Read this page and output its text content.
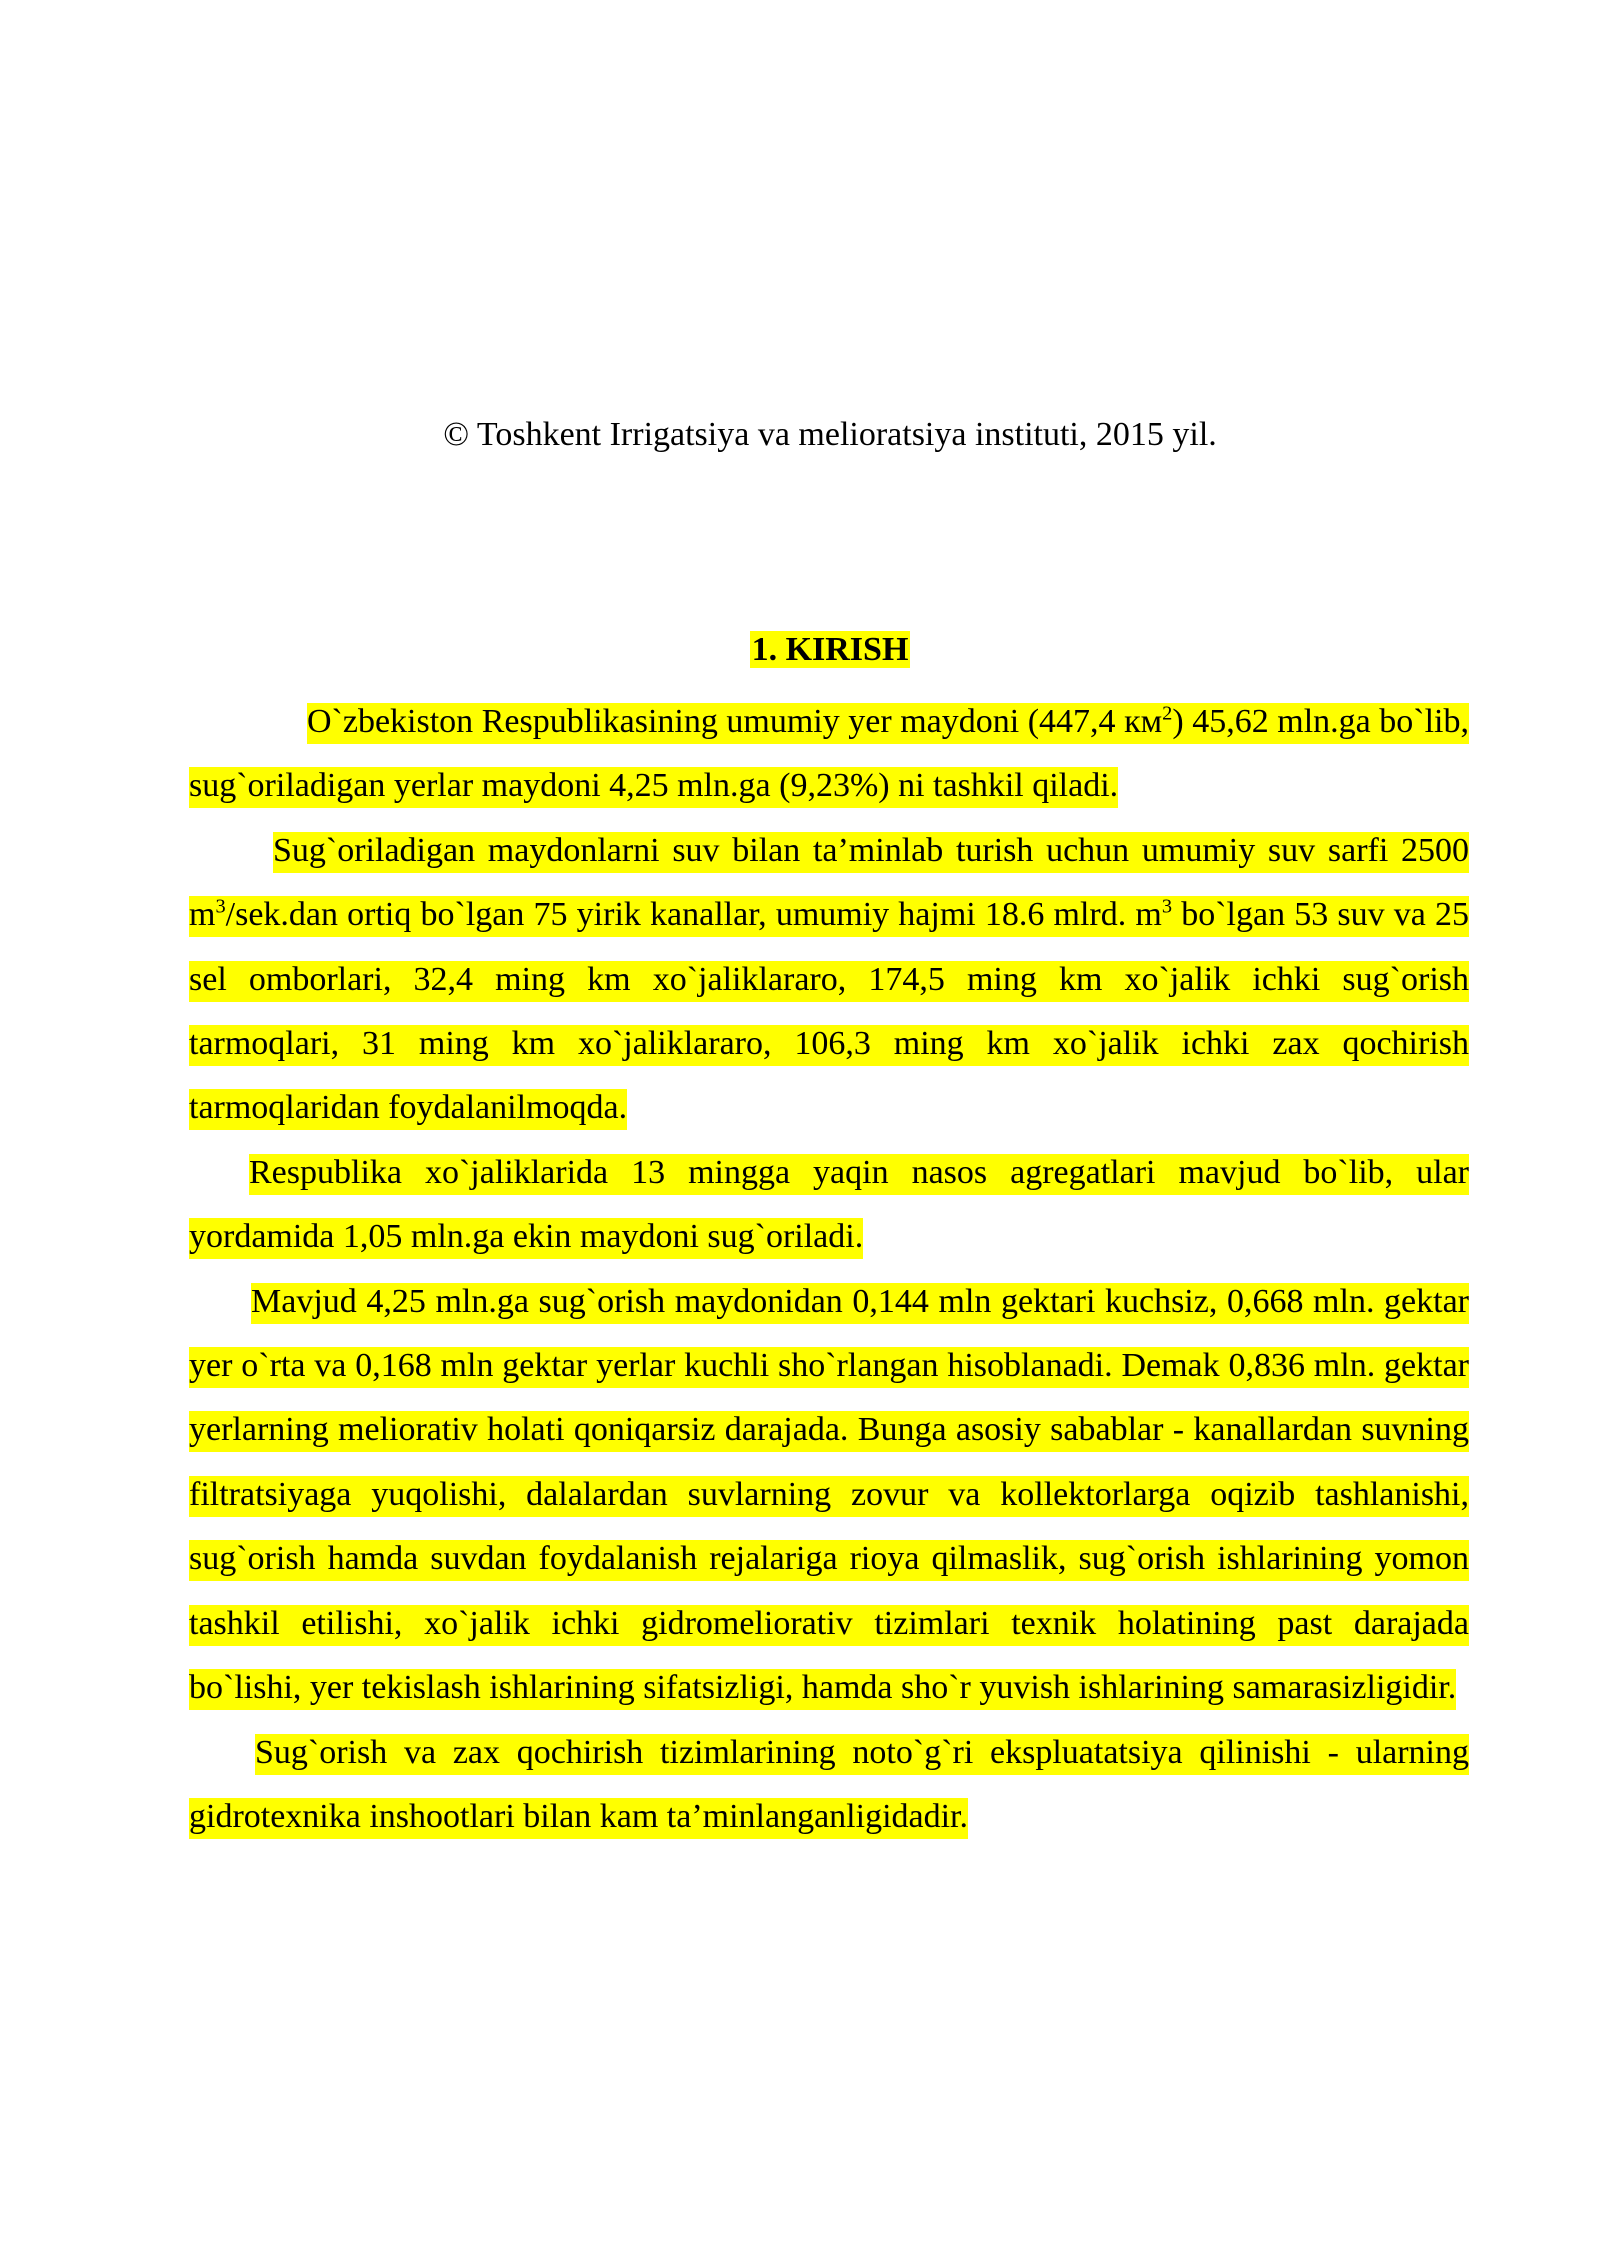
© Toshkent Irrigatsiya va melioratsiya instituti, 2015 yil.
1. KIRISH

O`zbekiston Respublikasining umumiy yer maydoni (447,4 $км^2$) 45,62 mln.ga bo`lib, sug`oriladigan yerlar maydoni 4,25 mln.ga (9,23%) ni tashkil qiladi.

Sug`oriladigan maydonlarni suv bilan ta’minlab turish uchun umumiy suv sarfi 2500 $m^3/sek.dan$ ortiq bo`lgan 75 yirik kanallar, umumiy hajmi 18.6 mlrd. $m^3$ bo`lgan 53 suv va 25 sel omborlari, 32,4 ming km xo`jaliklararo, 174,5 ming km xo`jalik ichki sug`orish tarmoqlari, 31 ming km xo`jaliklararo, 106,3 ming km xo`jalik ichki zax qochirish tarmoqlaridan foydalanilmoqda.

Respublika xo`jaliklarida 13 mingga yaqin nasos agregatlari mavjud bo`lib, ular yordamida 1,05 mln.ga ekin maydoni sug`oriladi.

Mavjud 4,25 mln.ga sug`orish maydonidan 0,144 mln gektari kuchsiz, 0,668 mln. gektar yer o`rta va 0,168 mln gektar yerlar kuchli sho`rlangan hisoblanadi. Demak 0,836 mln. gektar yerlarning meliorativ holati qoniqarsiz darajada. Bunga asosiy sabablar - kanallardan suvning filtratsiyaga yuqolishi, dalalardan suvlarning zovur va kollektorlarga oqizib tashlanishi, sug`orish hamda suvdan foydalanish rejalariga rioya qilmaslik, sug`orish ishlarining yomon tashkil etilishi, xo`jalik ichki gidromeliorativ tizimlari texnik holatining past darajada bo`lishi, yer tekislash ishlarining sifatsizligi, hamda sho`r yuvish ishlarining samarasizligidir.

Sug`orish va zax qochirish tizimlarining noto`g`ri ekspluatatsiya qilinishi - ularning gidrotexnika inshootlari bilan kam ta’minlanganligidadir.
